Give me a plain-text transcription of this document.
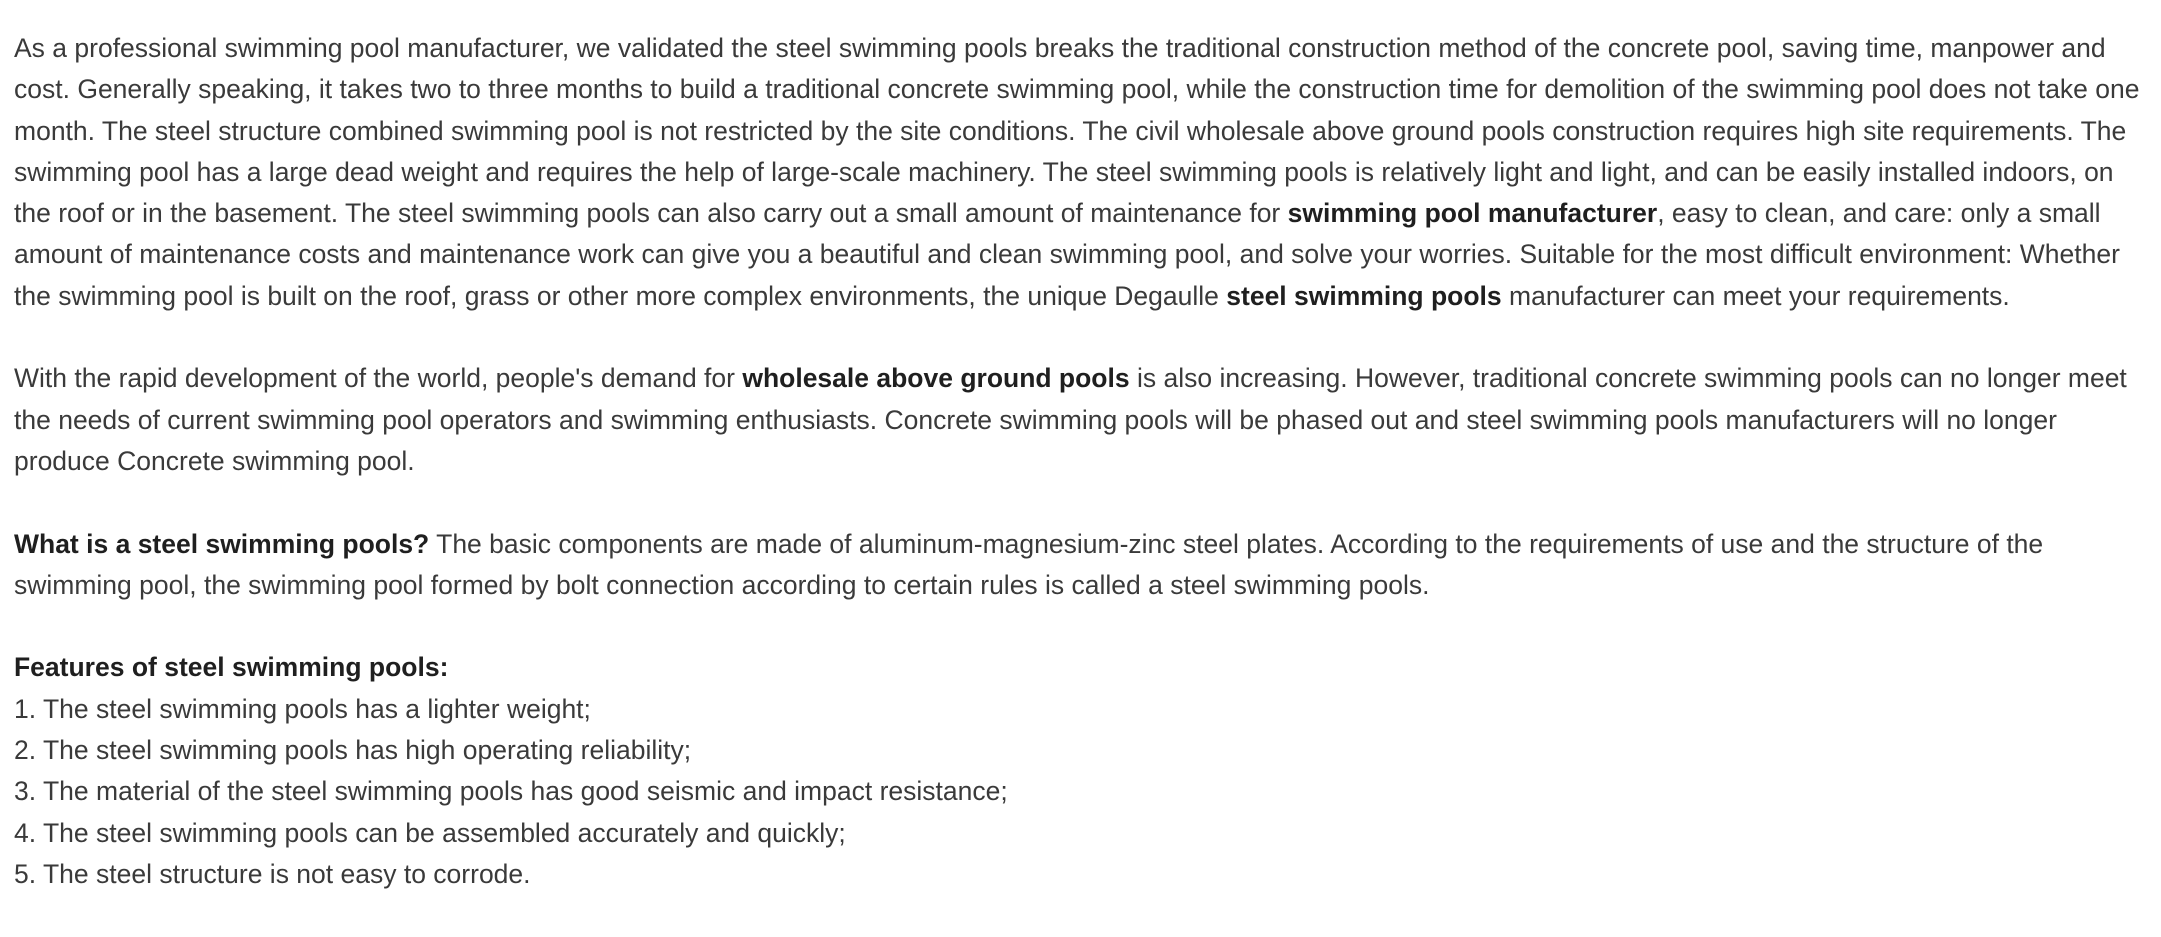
As a professional swimming pool manufacturer, we validated the steel swimming pools breaks the traditional construction method of the concrete pool, saving time, manpower and cost. Generally speaking, it takes two to three months to build a traditional concrete swimming pool, while the construction time for demolition of the swimming pool does not take one month. The steel structure combined swimming pool is not restricted by the site conditions. The civil wholesale above ground pools construction requires high site requirements. The swimming pool has a large dead weight and requires the help of large-scale machinery. The steel swimming pools is relatively light and light, and can be easily installed indoors, on the roof or in the basement. The steel swimming pools can also carry out a small amount of maintenance for swimming pool manufacturer, easy to clean, and care: only a small amount of maintenance costs and maintenance work can give you a beautiful and clean swimming pool, and solve your worries. Suitable for the most difficult environment: Whether the swimming pool is built on the roof, grass or other more complex environments, the unique Degaulle steel swimming pools manufacturer can meet your requirements.

With the rapid development of the world, people's demand for wholesale above ground pools is also increasing. However, traditional concrete swimming pools can no longer meet the needs of current swimming pool operators and swimming enthusiasts. Concrete swimming pools will be phased out and steel swimming pools manufacturers will no longer produce Concrete swimming pool.

What is a steel swimming pools? The basic components are made of aluminum-magnesium-zinc steel plates. According to the requirements of use and the structure of the swimming pool, the swimming pool formed by bolt connection according to certain rules is called a steel swimming pools.

Features of steel swimming pools:
1. The steel swimming pools has a lighter weight;
2. The steel swimming pools has high operating reliability;
3. The material of the steel swimming pools has good seismic and impact resistance;
4. The steel swimming pools can be assembled accurately and quickly;
5. The steel structure is not easy to corrode.
